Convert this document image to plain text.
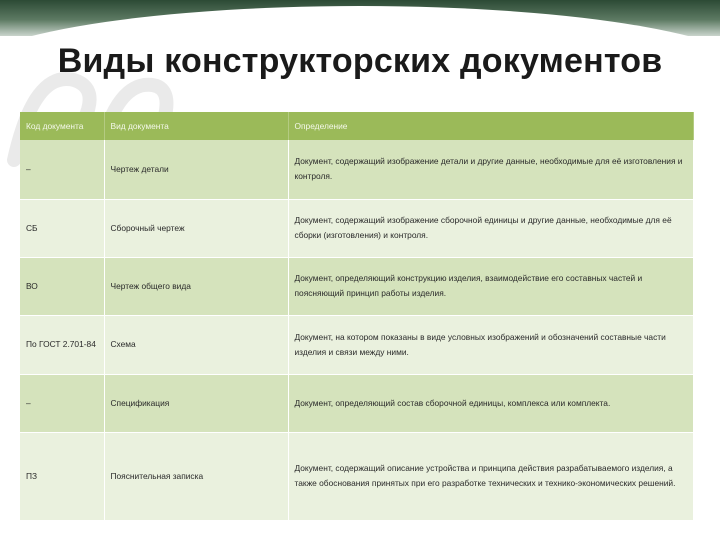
Виды конструкторских документов
Код документа	Вид документа	Определение
–	Чертеж детали	Документ, содержащий изображение детали и другие данные, необходимые для её изготовления и контроля.
СБ	Сборочный чертеж	Документ, содержащий изображение сборочной единицы и другие данные, необходимые для её сборки (изготовления) и контроля.
ВО	Чертеж общего вида	Документ, определяющий конструкцию изделия, взаимодействие его составных частей и поясняющий принцип работы изделия.
По ГОСТ 2.701-84	Схема	Документ, на котором показаны в виде условных изображений и обозначений составные части изделия и связи между ними.
–	Спецификация	Документ, определяющий состав сборочной единицы, комплекса или комплекта.
ПЗ	Пояснительная записка	Документ, содержащий описание устройства и принципа действия разрабатываемого изделия, а также обоснования принятых при его разработке технических и технико-экономических решений.
